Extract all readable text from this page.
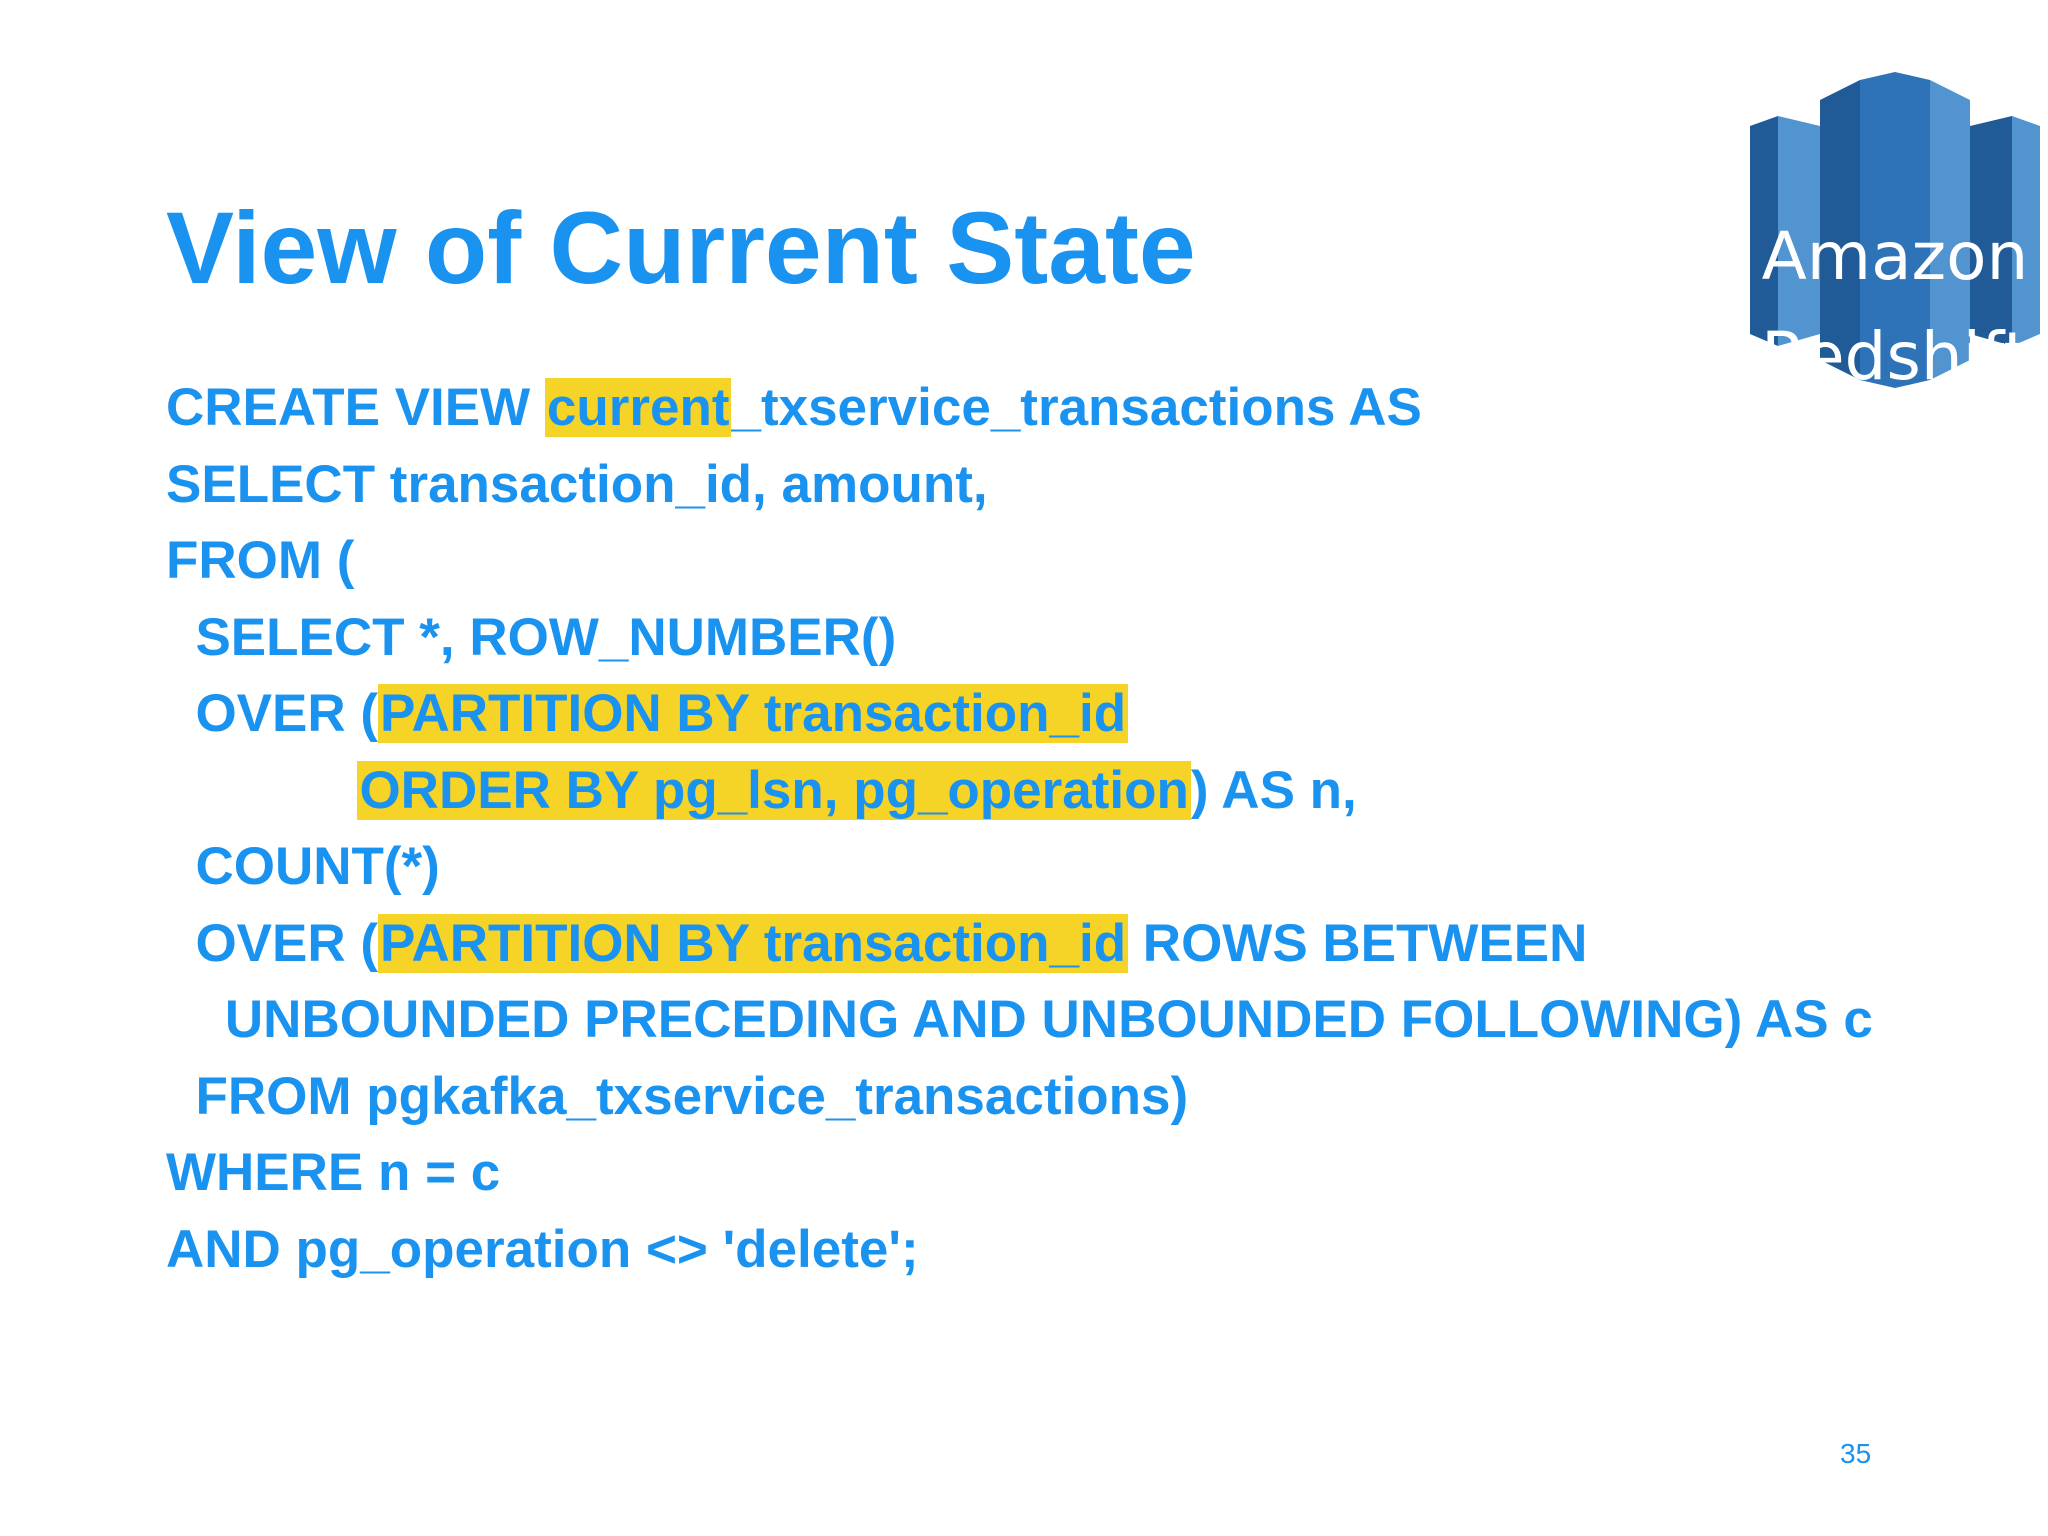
View of Current State	Amazon
Redshift
CREATE VIEW current_txservice_transactions AS
SELECT transaction_id, amount,
FROM (
SELECT *, ROW_NUMBER()
OVER (PARTITION BY transaction_id
ORDER BY pg_lsn, pg_operation) AS n,
COUNT(*)
OVER (PARTITION BY transaction_id ROWS BETWEEN
UNBOUNDED PRECEDING AND UNBOUNDED FOLLOWING) AS c
FROM pgkafka_txservice_transactions)
WHERE n = c
AND pg_operation <> 'delete';
35
